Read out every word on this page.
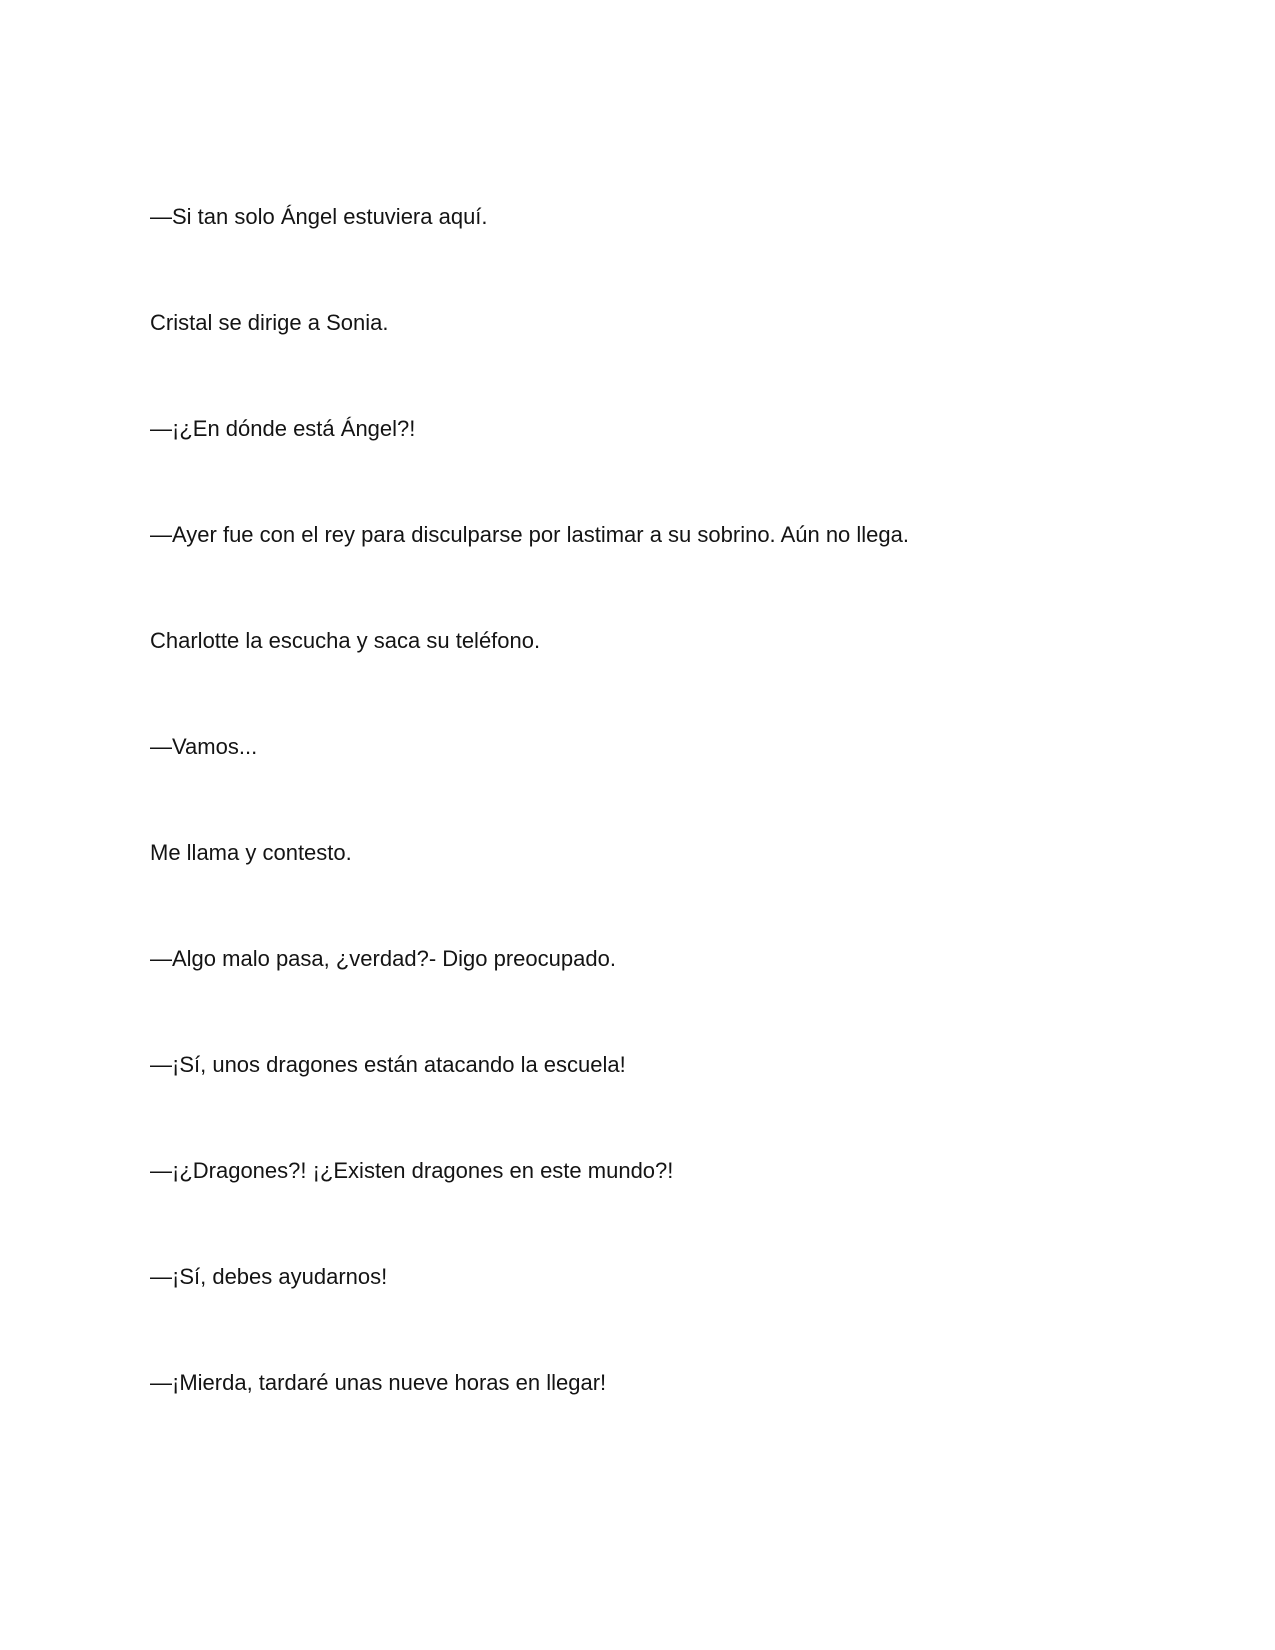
—Si tan solo Ángel estuviera aquí.

Cristal se dirige a Sonia.

—¡¿En dónde está Ángel?!

—Ayer fue con el rey para disculparse por lastimar a su sobrino. Aún no llega.

Charlotte la escucha y saca su teléfono.

—Vamos...

Me llama y contesto.

—Algo malo pasa, ¿verdad?- Digo preocupado.

—¡Sí, unos dragones están atacando la escuela!

—¡¿Dragones?! ¡¿Existen dragones en este mundo?!

—¡Sí, debes ayudarnos!

—¡Mierda, tardaré unas nueve horas en llegar!
